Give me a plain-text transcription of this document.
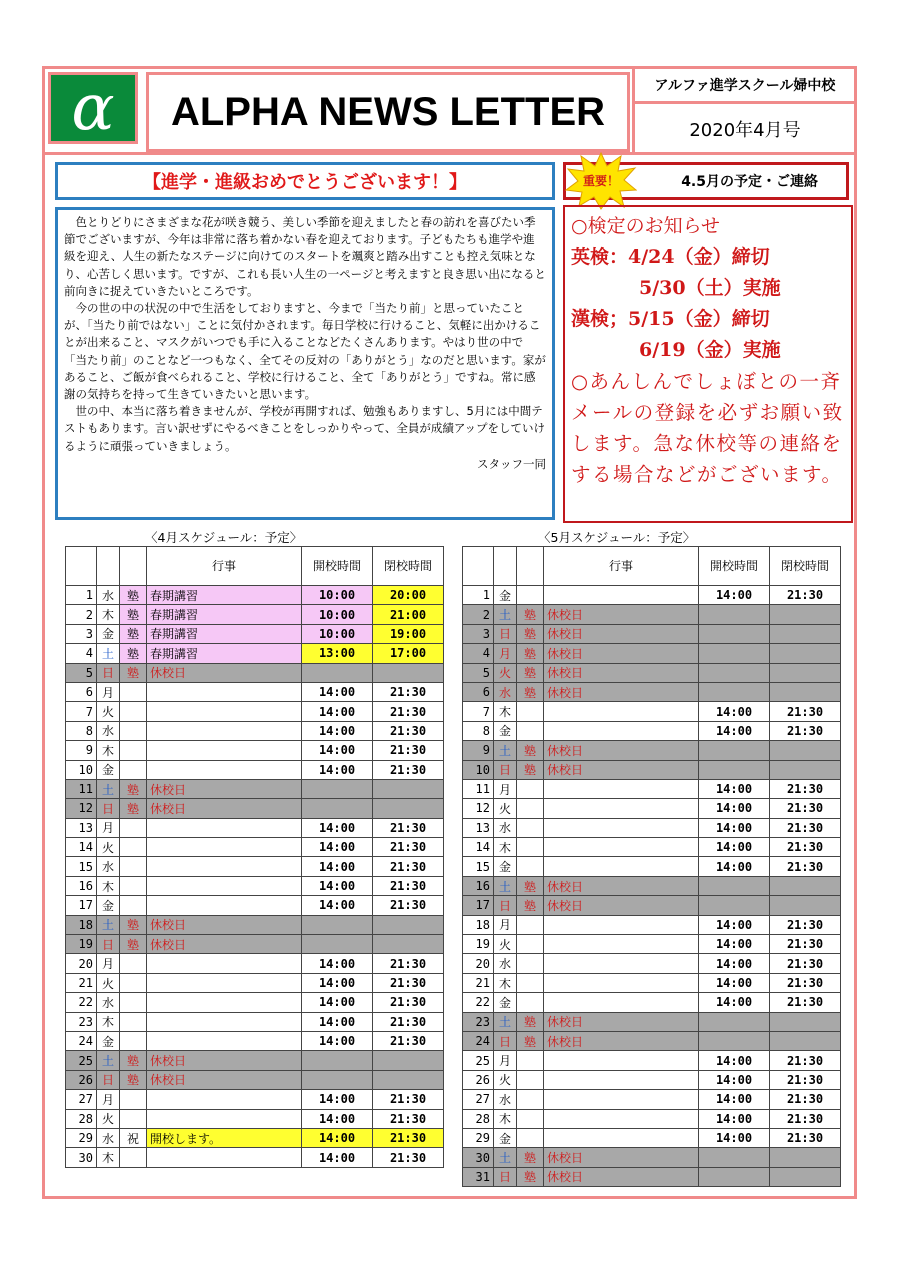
α	ALPHA NEWS LETTER
アルファ進学スクール婦中校
2020年4月号
【進学・進級おめでとうございます！】

色とりどりにさまざまな花が咲き競う、美しい季節を迎えましたと春の訪れを喜びたい季節でございますが、今年は非常に落ち着かない春を迎えております。子どもたちも進学や進級を迎え、人生の新たなステージに向けてのスタートを颯爽と踏み出すことも控え気味となり、心苦しく思います。ですが、これも長い人生の一ページと考えますと良き思い出になると前向きに捉えていきたいところです。

今の世の中の状況の中で生活をしておりますと、今まで「当たり前」と思っていたことが、「当たり前ではない」ことに気付かされます。毎日学校に行けること、気軽に出かけることが出来ること、マスクがいつでも手に入ることなどたくさんあります。やはり世の中で「当たり前」のことなど一つもなく、全てその反対の「ありがとう」なのだと思います。家があること、ご飯が食べられること、学校に行けること、全て「ありがとう」ですね。常に感謝の気持ちを持って生きていきたいと思います。

世の中、本当に落ち着きませんが、学校が再開すれば、勉強もありますし、5月には中間テストもあります。言い訳せずにやるべきことをしっかりやって、全員が成績アップをしていけるように頑張っていきましょう。

スタッフ一同
4.5月の予定・ご連絡
重要！
○検定のお知らせ
英検：4/24（金）締切
5/30（土）実施
漢検；5/15（金）締切
6/19（金）実施
○あんしんでしょぼとの一斉メールの登録を必ずお願い致します。急な休校等の連絡をする場合などがございます。
〈4月スケジュール：予定〉	〈5月スケジュール：予定〉
			行事	開校時間	閉校時間
1	水	塾	春期講習	10:00	20:00
2	木	塾	春期講習	10:00	21:00
3	金	塾	春期講習	10:00	19:00
4	土	塾	春期講習	13:00	17:00
5	日	塾	休校日		
6	月			14:00	21:30
7	火			14:00	21:30
8	水			14:00	21:30
9	木			14:00	21:30
10	金			14:00	21:30
11	土	塾	休校日		
12	日	塾	休校日		
13	月			14:00	21:30
14	火			14:00	21:30
15	水			14:00	21:30
16	木			14:00	21:30
17	金			14:00	21:30
18	土	塾	休校日		
19	日	塾	休校日		
20	月			14:00	21:30
21	火			14:00	21:30
22	水			14:00	21:30
23	木			14:00	21:30
24	金			14:00	21:30
25	土	塾	休校日		
26	日	塾	休校日		
27	月			14:00	21:30
28	火			14:00	21:30
29	水	祝	開校します。	14:00	21:30
30	木			14:00	21:30
			行事	開校時間	閉校時間
1	金			14:00	21:30
2	土	塾	休校日		
3	日	塾	休校日		
4	月	塾	休校日		
5	火	塾	休校日		
6	水	塾	休校日		
7	木			14:00	21:30
8	金			14:00	21:30
9	土	塾	休校日		
10	日	塾	休校日		
11	月			14:00	21:30
12	火			14:00	21:30
13	水			14:00	21:30
14	木			14:00	21:30
15	金			14:00	21:30
16	土	塾	休校日		
17	日	塾	休校日		
18	月			14:00	21:30
19	火			14:00	21:30
20	水			14:00	21:30
21	木			14:00	21:30
22	金			14:00	21:30
23	土	塾	休校日		
24	日	塾	休校日		
25	月			14:00	21:30
26	火			14:00	21:30
27	水			14:00	21:30
28	木			14:00	21:30
29	金			14:00	21:30
30	土	塾	休校日		
31	日	塾	休校日		
